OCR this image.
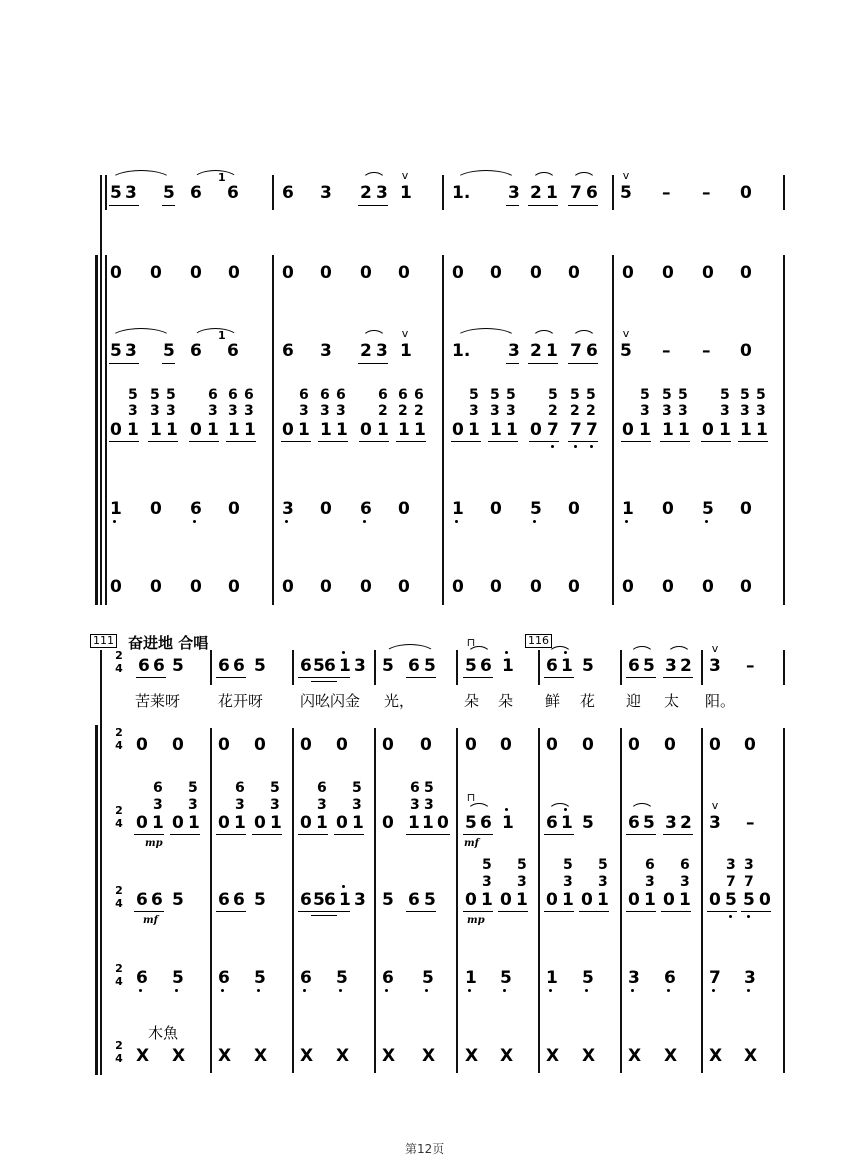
5 3 5 6 6
1
6 3 2 3 1
v
1. 3 2 1 7 6 5
v
– – 0
0 0 0 0 0 0 0 0 0 0 0 0 0 0 0 0
5 3 5 6 6
1
6 3 2 3 1
v
1. 3 2 1 7 6 5
v
– – 0
5 5 5
3 3 3
0 1 1 1
6 6 6
3 3 3
0 1 1 1
6 6 6
3 3 3
0 1 1 1
6 6 6
2 2 2
0 1 1 1
5 5 5
3 3 3
0 1 1 1
5 5 5
2 2 2
0 7 7 7
5 5 5
3 3 3
0 1 1 1
5 5 5
3 3 3
0 1 1 1
1 0 6 0 3 0 6 0 1 0 5 0 1 0 5 0
0 0 0 0 0 0 0 0 0 0 0 0 0 0 0 0
111 奋进地 合唱	116
2
4
2
4
2
4
2
4
2
4
2
4
6 6 5 6 6 5 6 5 6 1 3 5 6 5 5 6 1
⊓
6 1 5 6 5 3 2 3 –
v
苦莱呀	花开呀 闪吆闪金 光，	朵 朵 鲜 花 迎 太 阳。
0 0 0 0 0 0 0 0 0 0 0 0 0 0 0 0
6 5
3 3
0 1 0 1
mp
6 5
3 3
0 1 0 1
6 5
3 3
0 1 0 1
6 5
3 3
0 1 1 0 5 6 1
⊓
mf
6 1 5 6 5 3 2 3 –
v
6 6 5
mf
6 6 5 6 5 6 1 3 5 6 5
5 5
3 3
0 1 0 1
mp
5 5
3 3
0 1 0 1
6 6
3 3
0 1 0 1
3 3
7 7
0 5 5 0
6 5 6 5 6 5 6 5 1 5 1 5 3 6 7 3
木魚
X X X X X X X X X X X X X X X X
第12页
